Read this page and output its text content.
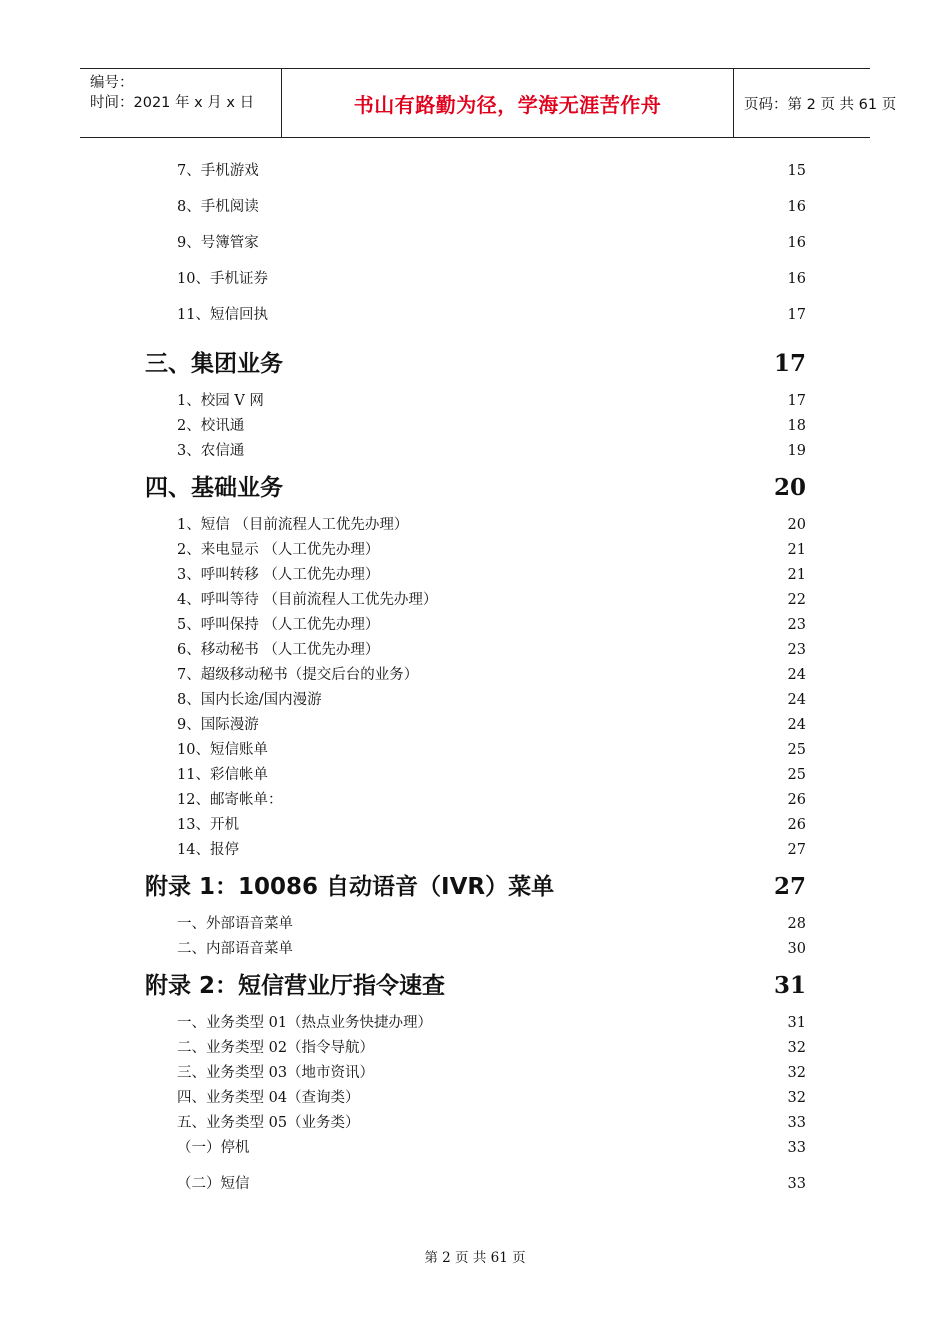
编号：
时间：2021 年 x 月 x 日	书山有路勤为径，学海无涯苦作舟	页码：第 2 页 共 61 页
7、手机游戏	15
8、手机阅读	16
9、号簿管家	16
10、手机证券	16
11、短信回执	17
三、集团业务	17
1、校园 V 网	17
2、校讯通	18
3、农信通	19
四、基础业务	20
1、短信 （目前流程人工优先办理）	20
2、来电显示 （人工优先办理）	21
3、呼叫转移 （人工优先办理）	21
4、呼叫等待 （目前流程人工优先办理）	22
5、呼叫保持 （人工优先办理）	23
6、移动秘书 （人工优先办理）	23
7、超级移动秘书（提交后台的业务）	24
8、国内长途/国内漫游	24
9、国际漫游	24
10、短信账单	25
11、彩信帐单	25
12、邮寄帐单：	26
13、开机	26
14、报停	27
附录 1：10086 自动语音（IVR）菜单	27
一、外部语音菜单	28
二、内部语音菜单	30
附录 2：短信营业厅指令速查	31
一、业务类型 01（热点业务快捷办理）	31
二、业务类型 02（指令导航）	32
三、业务类型 03（地市资讯）	32
四、业务类型 04（查询类）	32
五、业务类型 05（业务类）	33
（一）停机	33
（二）短信	33
第 2 页 共 61 页
